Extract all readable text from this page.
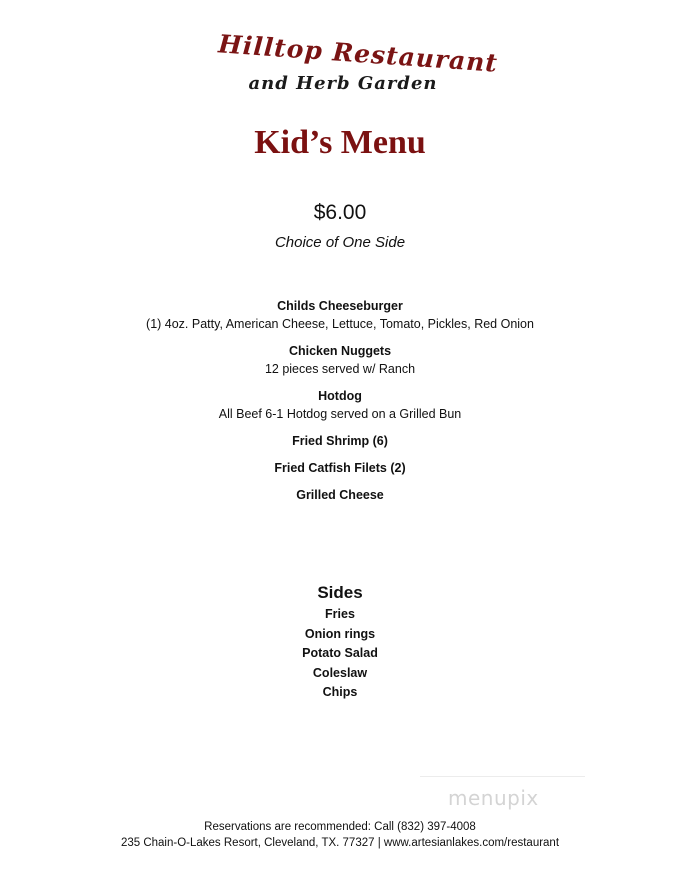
Hilltop Restaurant
and Herb Garden
Kid’s Menu
$6.00
Choice of One Side
Childs Cheeseburger
(1) 4oz. Patty, American Cheese, Lettuce, Tomato, Pickles, Red Onion
Chicken Nuggets
12 pieces served w/ Ranch
Hotdog
All Beef 6-1 Hotdog served on a Grilled Bun
Fried Shrimp (6)
Fried Catfish Filets (2)
Grilled Cheese
Sides
Fries
Onion rings
Potato Salad
Coleslaw
Chips
menupix
Reservations are recommended: Call (832) 397-4008
235 Chain-O-Lakes Resort, Cleveland, TX. 77327 | www.artesianlakes.com/restaurant
